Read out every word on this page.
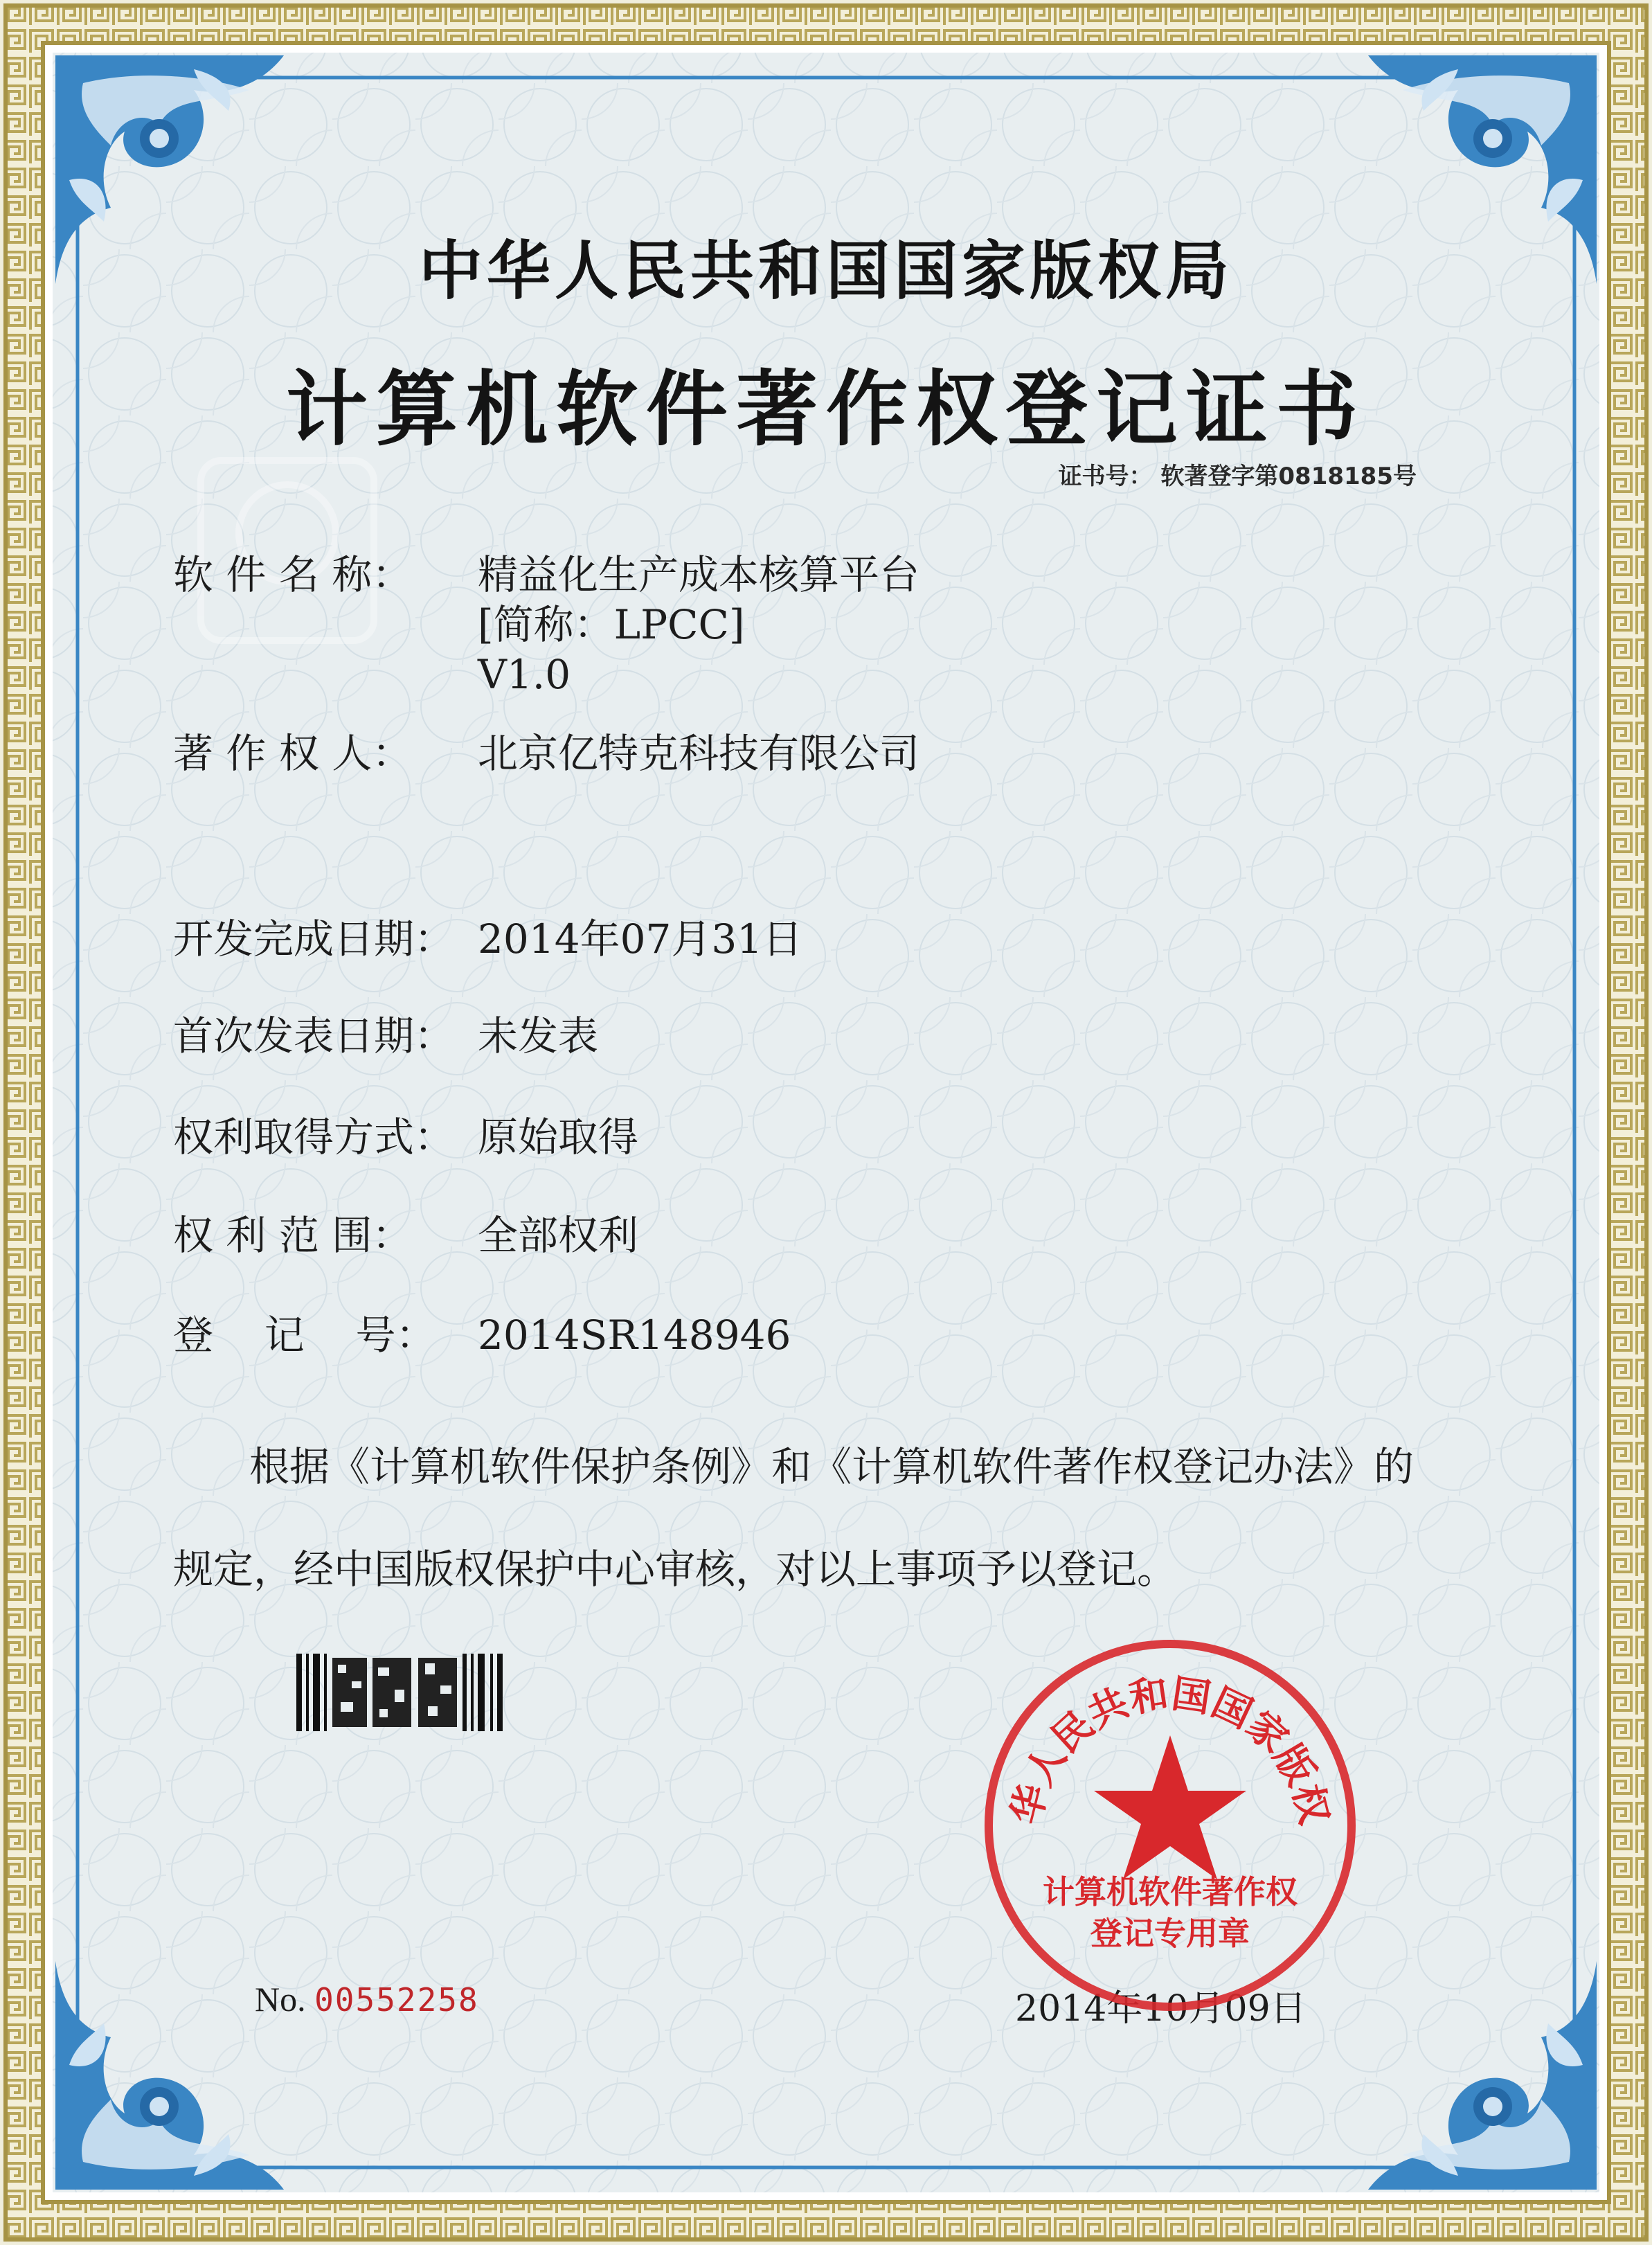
中华人民共和国国家版权局
计算机软件著作权登记证书
证书号： 软著登字第0818185号
软 件 名 称： 精益化生产成本核算平台
[简称：LPCC]
V1.0
著 作 权 人： 北京亿特克科技有限公司
开发完成日期： 2014年07月31日
首次发表日期： 未发表
权利取得方式： 原始取得
权 利 范 围： 全部权利
登    记    号： 2014SR148946
根据《计算机软件保护条例》和《计算机软件著作权登记办法》的
规定，经中国版权保护中心审核，对以上事项予以登记。
No. 00552258	2014年10月09日
华人民共和国国家版权
计算机软件著作权
登记专用章
